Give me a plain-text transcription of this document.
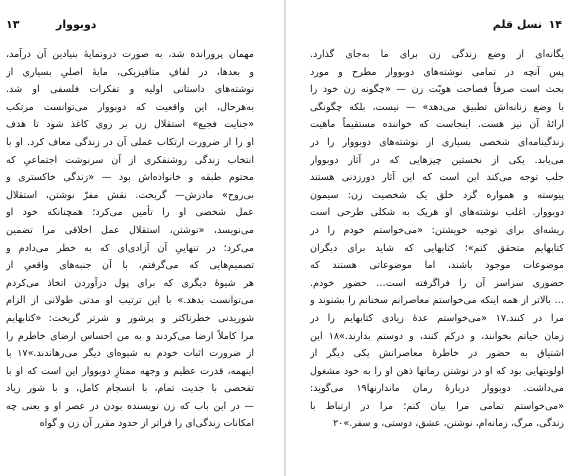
۱۳	دوبووار
مهمان پرورانده شد، به صورت درونمایهٔ بنیادین آن درآمد،
و بعدها، در لفافِ متافیزیکی، مایهٔ اصلیِ بسیاری از
نوشته‌های داستانی اولیه و تفکرات فلسفی او شد.
به‌هرحال، این واقعیت که دوبووار می‌توانست مرتکب
«جنایت فجیع» استقلال زن بر روی کاغذ شود تا هدف
او را از ضرورت ارتکاب عملی آن در زندگی معاف کرد. او با
انتخاب زندگی روشنفکری از آن سرنوشت اجتماعیِ که
محتوم طبقه و خانواده‌اش بود — «زندگی خاکستری و
بی‌روح» مادرش— گریخت. نقش مفرّ نوشتن، استقلال
عمل شخصی او را تأمین می‌کرد؛ همچنانکه خود او
می‌نویسد، «نوشتن، استقلال عمل اخلاقی مرا تضمین
می‌کرد؛ در تنهاییِ آن آزادی‌ای که به خطر می‌دادم و
تصمیم‌هایی که می‌گرفتم، با آن جنبه‌های واقعیِ از
هر شیوهٔ دیگری که برای پول درآوردن اتخاذ می‌کردم
می‌توانست بدهد.» با این ترتیب او مدتی طولانی از الزام
شوریدنی خطرناکتر و پرشور و شرتر گریخت: «کتابهایم
مرا کاملاً ارضا می‌کردند و به من احساس ارضای خاطرم را
از ضرورت اثبات خودم به شیوه‌ای دیگر می‌رهاندند.»۱۷ با
اینهمه، قدرت عظیم و وجهه ممتازِ دوبووار این است که او با
تفحصی با جدیت تمام، با انسجام کامل، و با شور زیاد
— در این باب که زن نویسنده بودن در عصر او و بعنی چه
امکانات زندگی‌ای را فراتر از حدود مقرر آن زن و گواه
۱۴
نسل قلم
یگانه‌ای از وضع زندگی زن برای ما به‌جای گذارد.
پس آنچه در تمامی نوشته‌های دوبووار مطرح و مورد
بحث است صرفاً فصاحت هویّت زن — «چگونه زن خود را
با وضع زنانه‌اش تطبیق می‌دهد» — نیست، بلکه چگونگی
ارائهٔ آن نیز هست. اینجاست که خواننده مستقیماً ماهیت
زندگینامه‌ای شخصی بسیاری از نوشته‌های دوبووار را در
می‌یابد. یکی از نخستین چیزهایی که در آثار دوبووار
جلب توجه می‌کند این است که این آثار دورزدنی هستند
پیوسته و همواره گرد خلق یک شخصیت زن: سیمون
دوبووار. اغلب نوشته‌های او هریک به شکلی طرحی است
ریشه‌ای برای توجیه خویشتن: «می‌خواستم خودم را در
کتابهایم متحقق کنم»؛ کتابهایی که شاید برای دیگران
موضوعات موجود باشند، اما موضوعاتی هستند که
حضوری سراسر آن را فراگرفته است… حضور خودم.
… بالاتر از همه اینکه می‌خواستم معاصرانم سخنانم را بشنوند و
مرا در کنند.۱۷ «می‌خواستم عدهٔ زیادی کتابهایم را در
زمان حیاتم بخوانند، و درکم کنند، و دوستم بدارند.»۱۸ این
اشتیاق به حضور در خاطرهٔ معاصرانش یکی دیگر از
اولویتهایی بود که او در نوشتن رمانها ذهن او را به خود مشغول
می‌داشت. دوبووار دربارهٔ رمان ماندارنها۱۹ می‌گوید:
«می‌خواستم تمامی مرا بیان کنم؛ مرا در ارتباط با
زندگی، مرگ، زمانه‌ام، نوشتن، عشق، دوستی، و سفر.»۲۰
